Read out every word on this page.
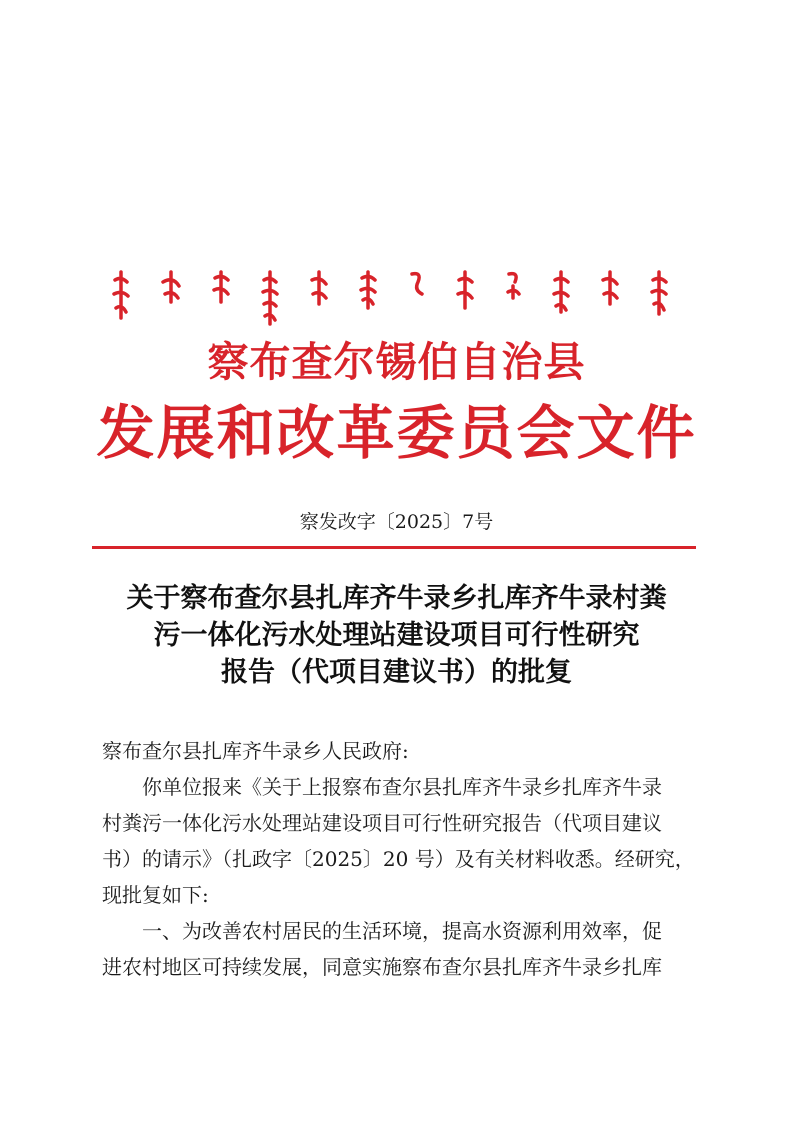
察布查尔锡伯自治县
发展和改革委员会文件
察发改字〔2025〕7号
关于察布查尔县扎库齐牛录乡扎库齐牛录村粪
污一体化污水处理站建设项目可行性研究
报告（代项目建议书）的批复

察布查尔县扎库齐牛录乡人民政府:

你单位报来《关于上报察布查尔县扎库齐牛录乡扎库齐牛录
村粪污一体化污水处理站建设项目可行性研究报告（代项目建议
书）的请示》（扎政字〔2025〕20 号）及有关材料收悉。经研究，
现批复如下:

一、为改善农村居民的生活环境，提高水资源利用效率，促
进农村地区可持续发展，同意实施察布查尔县扎库齐牛录乡扎库
